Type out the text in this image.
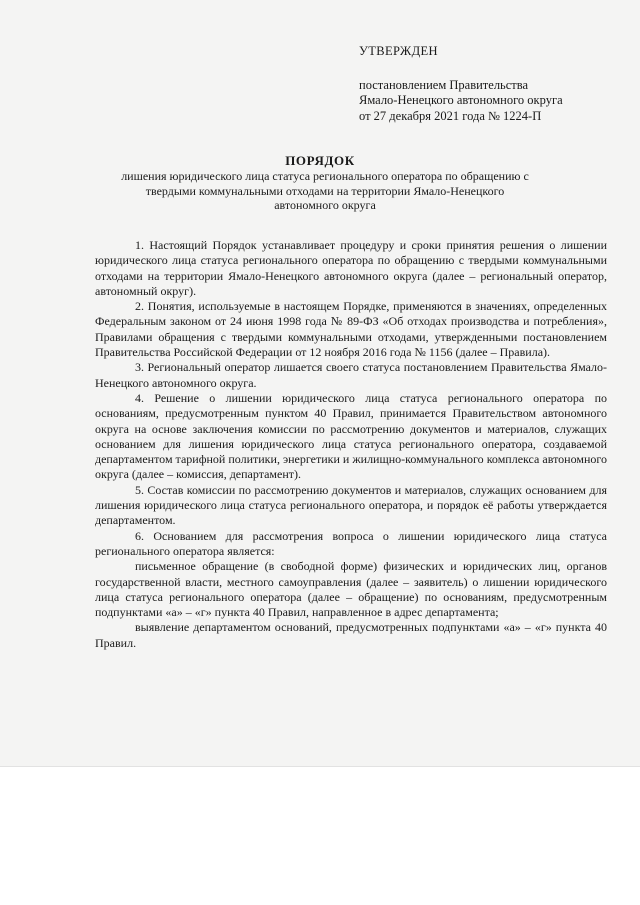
УТВЕРЖДЕН
постановлением Правительства
Ямало-Ненецкого автономного округа
от 27 декабря 2021 года № 1224-П
ПОРЯДОК
лишения юридического лица статуса регионального оператора по обращению с твердыми коммунальными отходами на территории Ямало-Ненецкого автономного округа

1. Настоящий Порядок устанавливает процедуру и сроки принятия решения о лишении юридического лица статуса регионального оператора по обращению с твердыми коммунальными отходами на территории Ямало-Ненецкого автономного округа (далее – региональный оператор, автономный округ).

2. Понятия, используемые в настоящем Порядке, применяются в значениях, определенных Федеральным законом от 24 июня 1998 года № 89-ФЗ «Об отходах производства и потребления», Правилами обращения с твердыми коммунальными отходами, утвержденными постановлением Правительства Российской Федерации от 12 ноября 2016 года № 1156 (далее – Правила).

3. Региональный оператор лишается своего статуса постановлением Правительства Ямало-Ненецкого автономного округа.

4. Решение о лишении юридического лица статуса регионального оператора по основаниям, предусмотренным пунктом 40 Правил, принимается Правительством автономного округа на основе заключения комиссии по рассмотрению документов и материалов, служащих основанием для лишения юридического лица статуса регионального оператора, создаваемой департаментом тарифной политики, энергетики и жилищно-коммунального комплекса автономного округа (далее – комиссия, департамент).

5. Состав комиссии по рассмотрению документов и материалов, служащих основанием для лишения юридического лица статуса регионального оператора, и порядок её работы утверждается департаментом.

6. Основанием для рассмотрения вопроса о лишении юридического лица статуса регионального оператора является:

письменное обращение (в свободной форме) физических и юридических лиц, органов государственной власти, местного самоуправления (далее – заявитель) о лишении юридического лица статуса регионального оператора (далее – обращение) по основаниям, предусмотренным подпунктами «а» – «г» пункта 40 Правил, направленное в адрес департамента;

выявление департаментом оснований, предусмотренных подпунктами «а» – «г» пункта 40 Правил.
